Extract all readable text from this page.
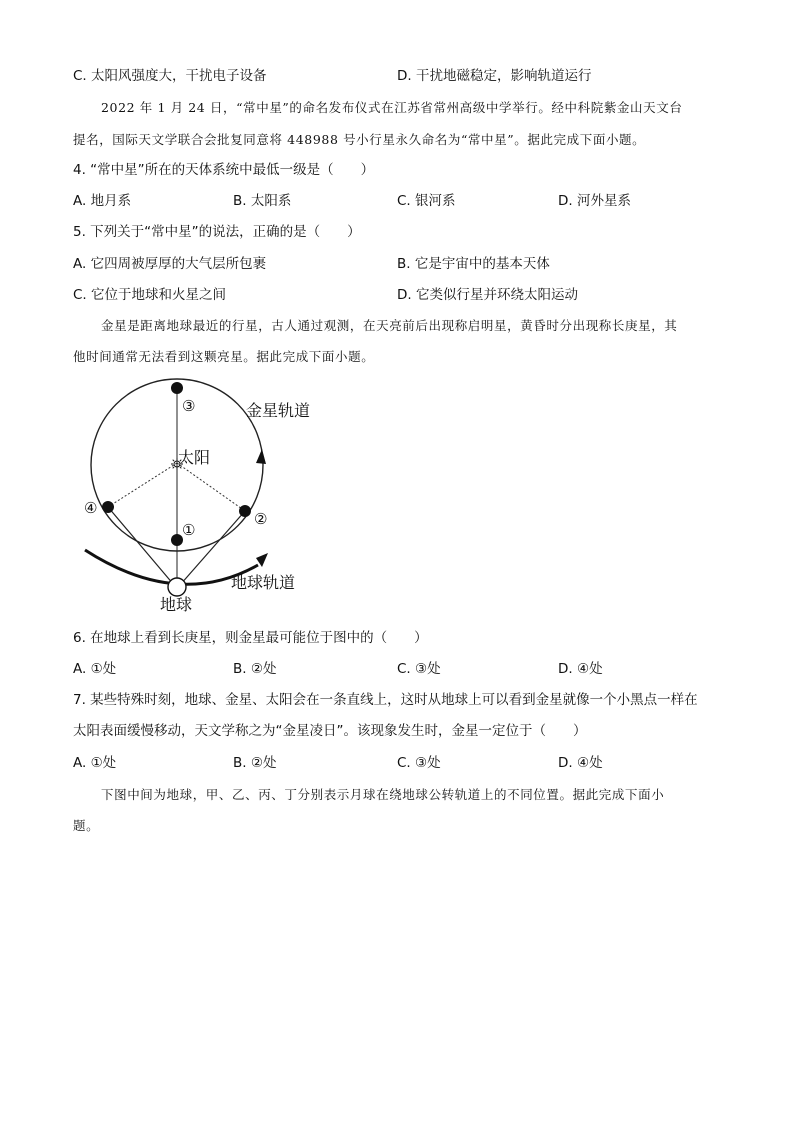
C. 太阳风强度大，干扰电子设备	D. 干扰地磁稳定，影响轨道运行
2022 年 1 月 24 日，“常中星”的命名发布仪式在江苏省常州高级中学举行。经中科院紫金山天文台
提名，国际天文学联合会批复同意将 448988 号小行星永久命名为“常中星”。据此完成下面小题。
4. “常中星”所在的天体系统中最低一级是（　　）
A. 地月系	B. 太阳系	C. 银河系	D. 河外星系
5. 下列关于“常中星”的说法，正确的是（　　）
A. 它四周被厚厚的大气层所包裹	B. 它是宇宙中的基本天体
C. 它位于地球和火星之间	D. 它类似行星并环绕太阳运动
金星是距离地球最近的行星，古人通过观测，在天亮前后出现称启明星，黄昏时分出现称长庚星，其
他时间通常无法看到这颗亮星。据此完成下面小题。
金星轨道
太阳
地球轨道
地球
③
①
④
②
6. 在地球上看到长庚星，则金星最可能位于图中的（　　）
A. ①处	B. ②处	C. ③处	D. ④处
7. 某些特殊时刻，地球、金星、太阳会在一条直线上，这时从地球上可以看到金星就像一个小黑点一样在
太阳表面缓慢移动，天文学称之为“金星凌日”。该现象发生时，金星一定位于（　　）
A. ①处	B. ②处	C. ③处	D. ④处
下图中间为地球，甲、乙、丙、丁分别表示月球在绕地球公转轨道上的不同位置。据此完成下面小
题。
